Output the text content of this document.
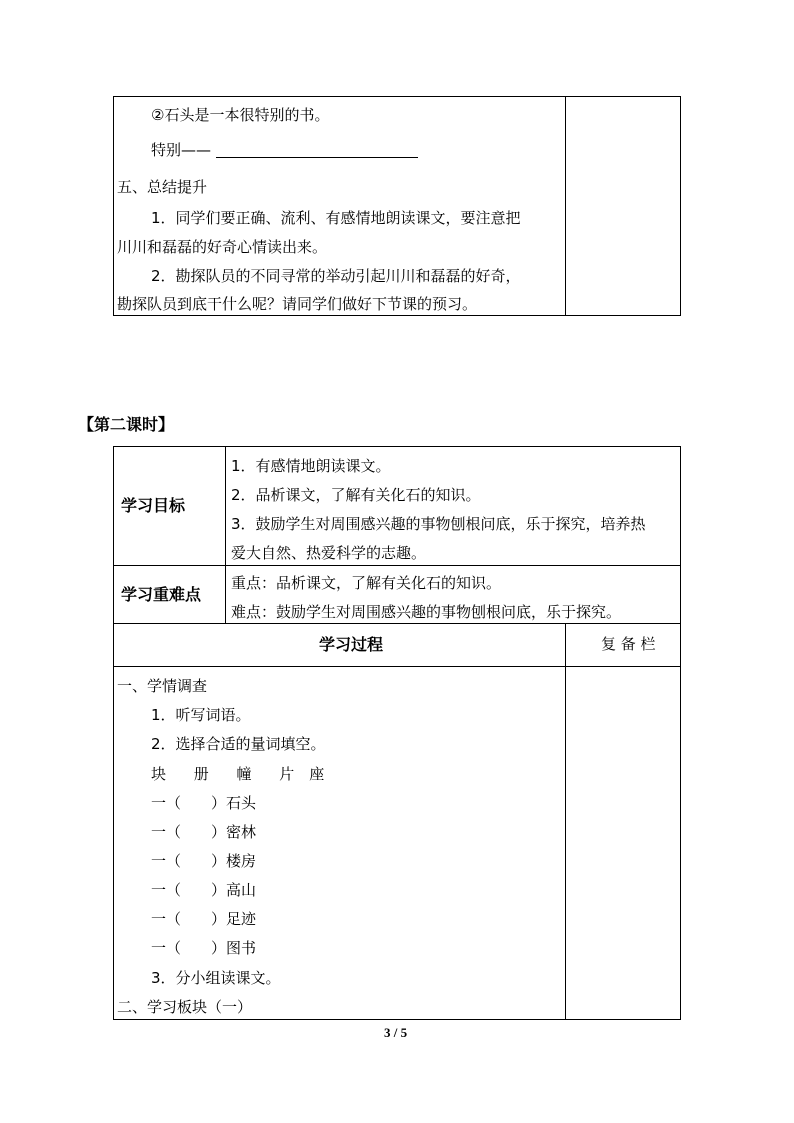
②石头是一本很特别的书。
特别——
五、总结提升
1．同学们要正确、流利、有感情地朗读课文，要注意把
川川和磊磊的好奇心情读出来。
2．勘探队员的不同寻常的举动引起川川和磊磊的好奇，
勘探队员到底干什么呢？请同学们做好下节课的预习。
【第二课时】
学习目标
1．有感情地朗读课文。
2．品析课文，了解有关化石的知识。
3．鼓励学生对周围感兴趣的事物刨根问底，乐于探究，培养热
爱大自然、热爱科学的志趣。
学习重难点
重点：品析课文，了解有关化石的知识。
难点：鼓励学生对周围感兴趣的事物刨根问底，乐于探究。
学习过程	复 备 栏
一、学情调查
1．听写词语。
2．选择合适的量词填空。
块　 册　 幢　 片　座
一（　　）石头
一（　　）密林
一（　　）楼房
一（　　）高山
一（　　）足迹
一（　　）图书
3．分小组读课文。
二、学习板块（一）
3 / 5
